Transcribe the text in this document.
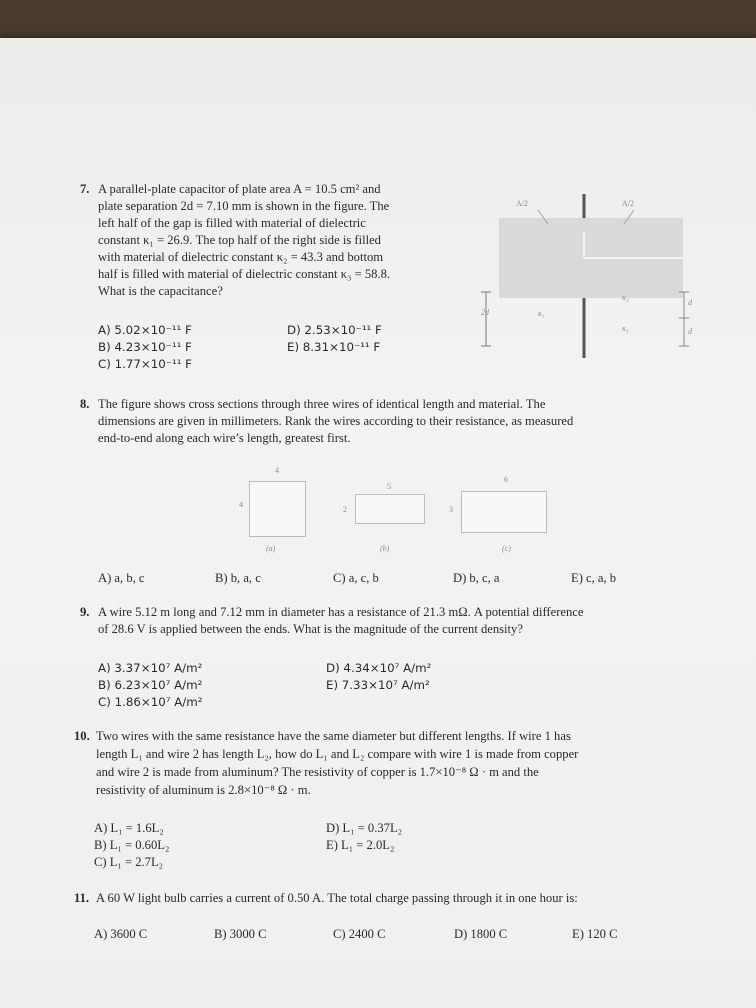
7. A parallel-plate capacitor of plate area A = 10.5 cm² and
plate separation 2d = 7.10 mm is shown in the figure. The
left half of the gap is filled with material of dielectric
constant κ₁ = 26.9. The top half of the right side is filled
with material of dielectric constant κ₂ = 43.3 and bottom
half is filled with material of dielectric constant κ₃ = 58.8.
What is the capacitance?
A) 5.02×10⁻¹¹ F
B) 4.23×10⁻¹¹ F
C) 1.77×10⁻¹¹ F
D) 2.53×10⁻¹¹ F
E) 8.31×10⁻¹¹ F
A/2	A/2
2d	κ₁
κ₂
κ₃
d
d
8. The figure shows cross sections through three wires of identical length and material. The
dimensions are given in millimeters. Rank the wires according to their resistance, as measured
end-to-end along each wire’s length, greatest first.
4
4
(a)
5
2
(b)
6
3
(c)
A) a, b, c	B) b, a, c	C) a, c, b	D) b, c, a	E) c, a, b
9. A wire 5.12 m long and 7.12 mm in diameter has a resistance of 21.3 mΩ. A potential difference
of 28.6 V is applied between the ends. What is the magnitude of the current density?
A) 3.37×10⁷ A/m²
B) 6.23×10⁷ A/m²
C) 1.86×10⁷ A/m²
D) 4.34×10⁷ A/m²
E) 7.33×10⁷ A/m²
10. Two wires with the same resistance have the same diameter but different lengths. If wire 1 has
length L₁ and wire 2 has length L₂, how do L₁ and L₂ compare with wire 1 is made from copper
and wire 2 is made from aluminum? The resistivity of copper is 1.7×10⁻⁸ Ω · m and the
resistivity of aluminum is 2.8×10⁻⁸ Ω · m.
A) L₁ = 1.6L₂
B) L₁ = 0.60L₂
C) L₁ = 2.7L₂
D) L₁ = 0.37L₂
E) L₁ = 2.0L₂
11. A 60 W light bulb carries a current of 0.50 A. The total charge passing through it in one hour is:
A) 3600 C	B) 3000 C	C) 2400 C	D) 1800 C	E) 120 C
